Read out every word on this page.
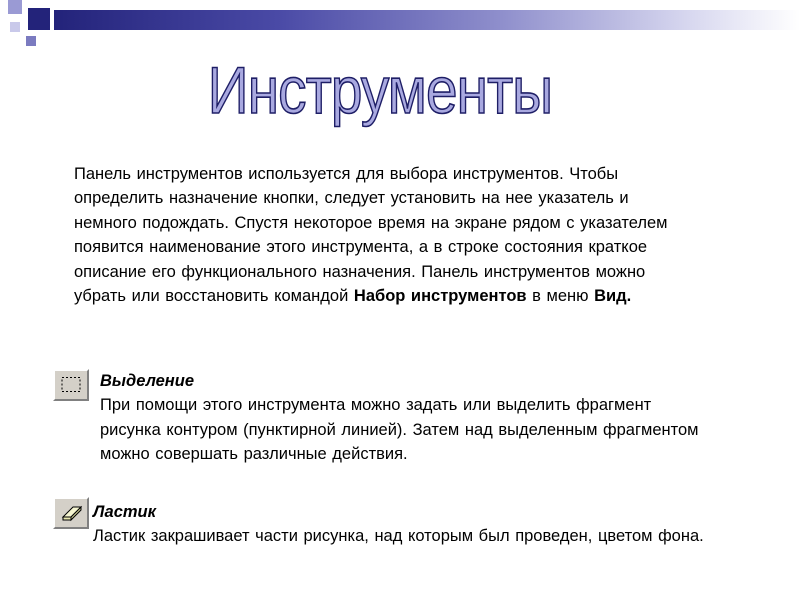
Инструменты
Панель инструментов используется для выбора инструментов. Чтобы определить назначение кнопки, следует установить на нее указатель и немного подождать. Спустя некоторое время на экране рядом с указателем появится наименование этого инструмента, а в строке состояния краткое описание его функционального назначения. Панель инструментов можно убрать или восстановить командой Набор инструментов в меню Вид.
Выделение
При помощи этого инструмента можно задать или выделить фрагмент рисунка контуром (пунктирной линией). Затем над выделенным фрагментом можно совершать различные действия.
Ластик
Ластик закрашивает части рисунка, над которым был проведен, цветом фона.
